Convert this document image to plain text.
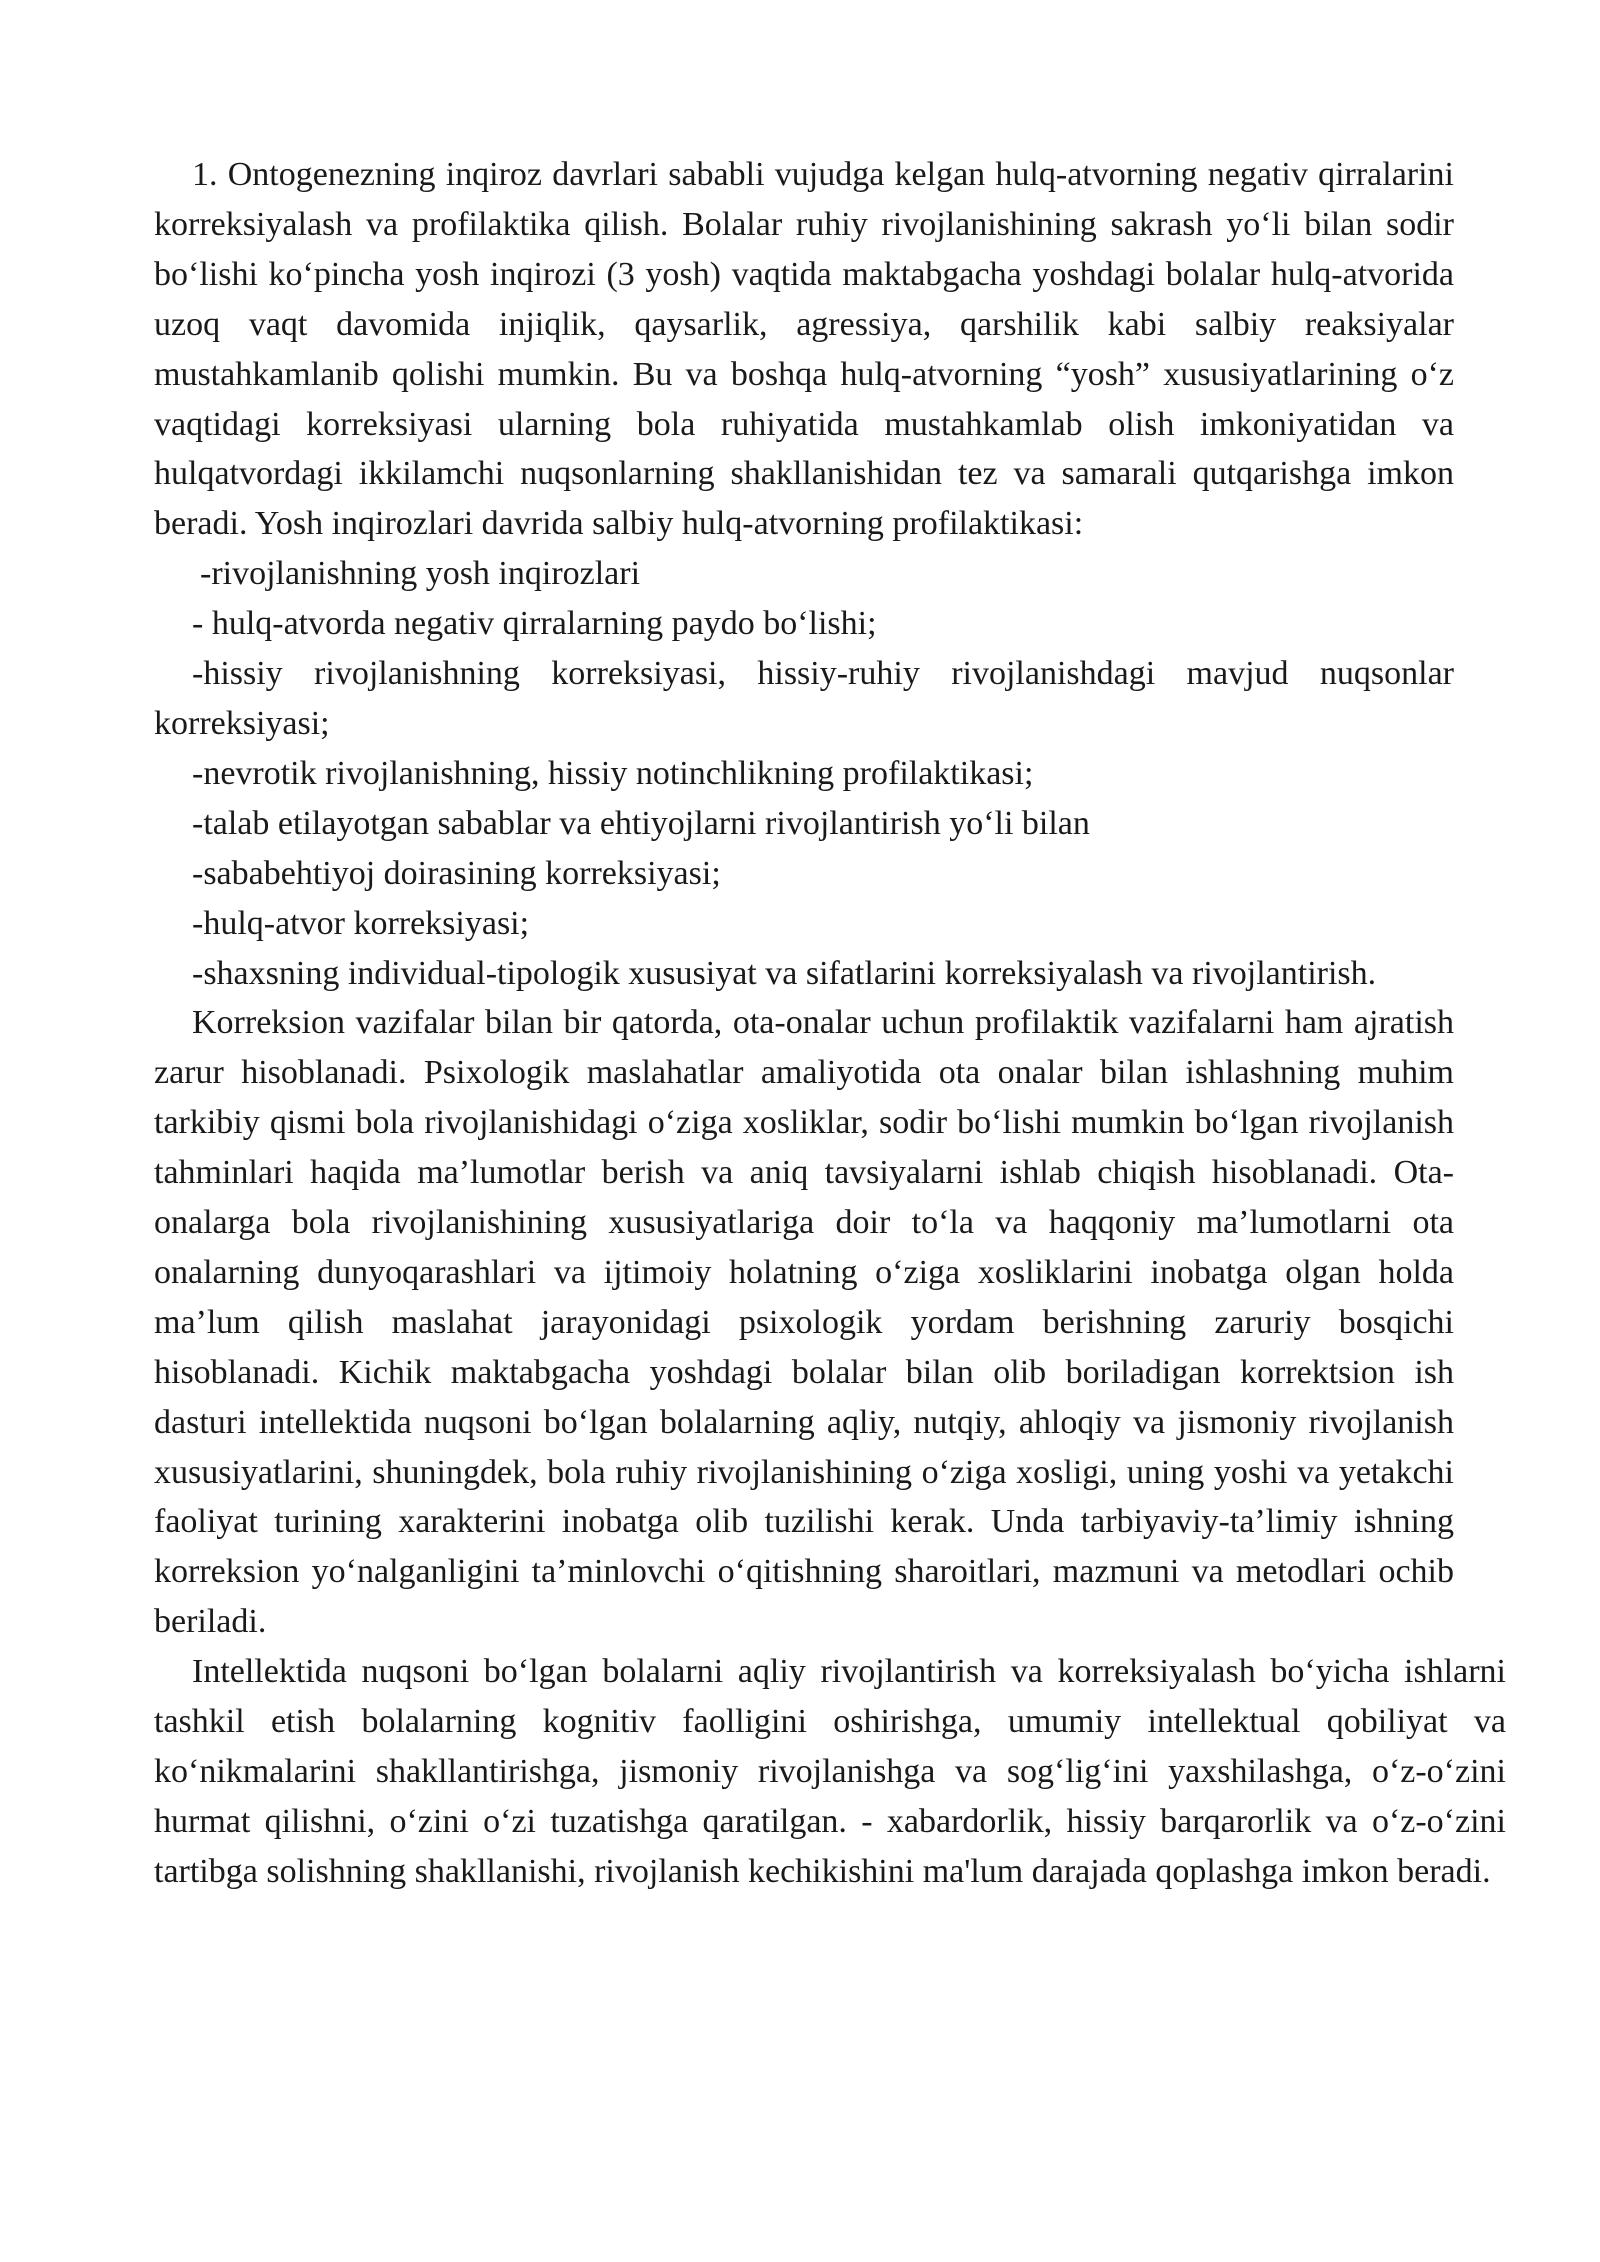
1. Ontogenezning inqiroz davrlari sababli vujudga kelgan hulq-atvorning negativ qirralarini korreksiyalash va profilaktika qilish. Bolalar ruhiy rivojlanishining sakrash yo‘li bilan sodir bo‘lishi ko‘pincha yosh inqirozi (3 yosh) vaqtida maktabgacha yoshdagi bolalar hulq-atvorida uzoq vaqt davomida injiqlik, qaysarlik, agressiya, qarshilik kabi salbiy reaksiyalar mustahkamlanib qolishi mumkin. Bu va boshqa hulq-atvorning “yosh” xususiyatlarining o‘z vaqtidagi korreksiyasi ularning bola ruhiyatida mustahkamlab olish imkoniyatidan va hulqatvordagi ikkilamchi nuqsonlarning shakllanishidan tez va samarali qutqarishga imkon beradi. Yosh inqirozlari davrida salbiy hulq-atvorning profilaktikasi:

-rivojlanishning yosh inqirozlari

- hulq-atvorda negativ qirralarning paydo bo‘lishi;

-hissiy rivojlanishning korreksiyasi, hissiy-ruhiy rivojlanishdagi mavjud nuqsonlar korreksiyasi;

-nevrotik rivojlanishning, hissiy notinchlikning profilaktikasi;

-talab etilayotgan sabablar va ehtiyojlarni rivojlantirish yo‘li bilan

-sababehtiyoj doirasining korreksiyasi;

-hulq-atvor korreksiyasi;

-shaxsning individual-tipologik xususiyat va sifatlarini korreksiyalash va rivojlantirish.

Korreksion vazifalar bilan bir qatorda, ota-onalar uchun profilaktik vazifalarni ham ajratish zarur hisoblanadi. Psixologik maslahatlar amaliyotida ota onalar bilan ishlashning muhim tarkibiy qismi bola rivojlanishidagi o‘ziga xosliklar, sodir bo‘lishi mumkin bo‘lgan rivojlanish tahminlari haqida ma’lumotlar berish va aniq tavsiyalarni ishlab chiqish hisoblanadi. Ota-onalarga bola rivojlanishining xususiyatlariga doir to‘la va haqqoniy ma’lumotlarni ota onalarning dunyoqarashlari va ijtimoiy holatning o‘ziga xosliklarini inobatga olgan holda ma’lum qilish maslahat jarayonidagi psixologik yordam berishning zaruriy bosqichi hisoblanadi. Kichik maktabgacha yoshdagi bolalar bilan olib boriladigan korrektsion ish dasturi intellektida nuqsoni bo‘lgan bolalarning aqliy, nutqiy, ahloqiy va jismoniy rivojlanish xususiyatlarini, shuningdek, bola ruhiy rivojlanishining o‘ziga xosligi, uning yoshi va yetakchi faoliyat turining xarakterini inobatga olib tuzilishi kerak. Unda tarbiyaviy-ta’limiy ishning korreksion yo‘nalganligini ta’minlovchi o‘qitishning sharoitlari, mazmuni va metodlari ochib beriladi.

Intellektida nuqsoni bo‘lgan bolalarni aqliy rivojlantirish va korreksiyalash bo‘yicha ishlarni tashkil etish bolalarning kognitiv faolligini oshirishga, umumiy intellektual qobiliyat va ko‘nikmalarini shakllantirishga, jismoniy rivojlanishga va sog‘lig‘ini yaxshilashga, o‘z-o‘zini hurmat qilishni, o‘zini o‘zi tuzatishga qaratilgan. - xabardorlik, hissiy barqarorlik va o‘z-o‘zini tartibga solishning shakllanishi, rivojlanish kechikishini ma'lum darajada qoplashga imkon beradi.
